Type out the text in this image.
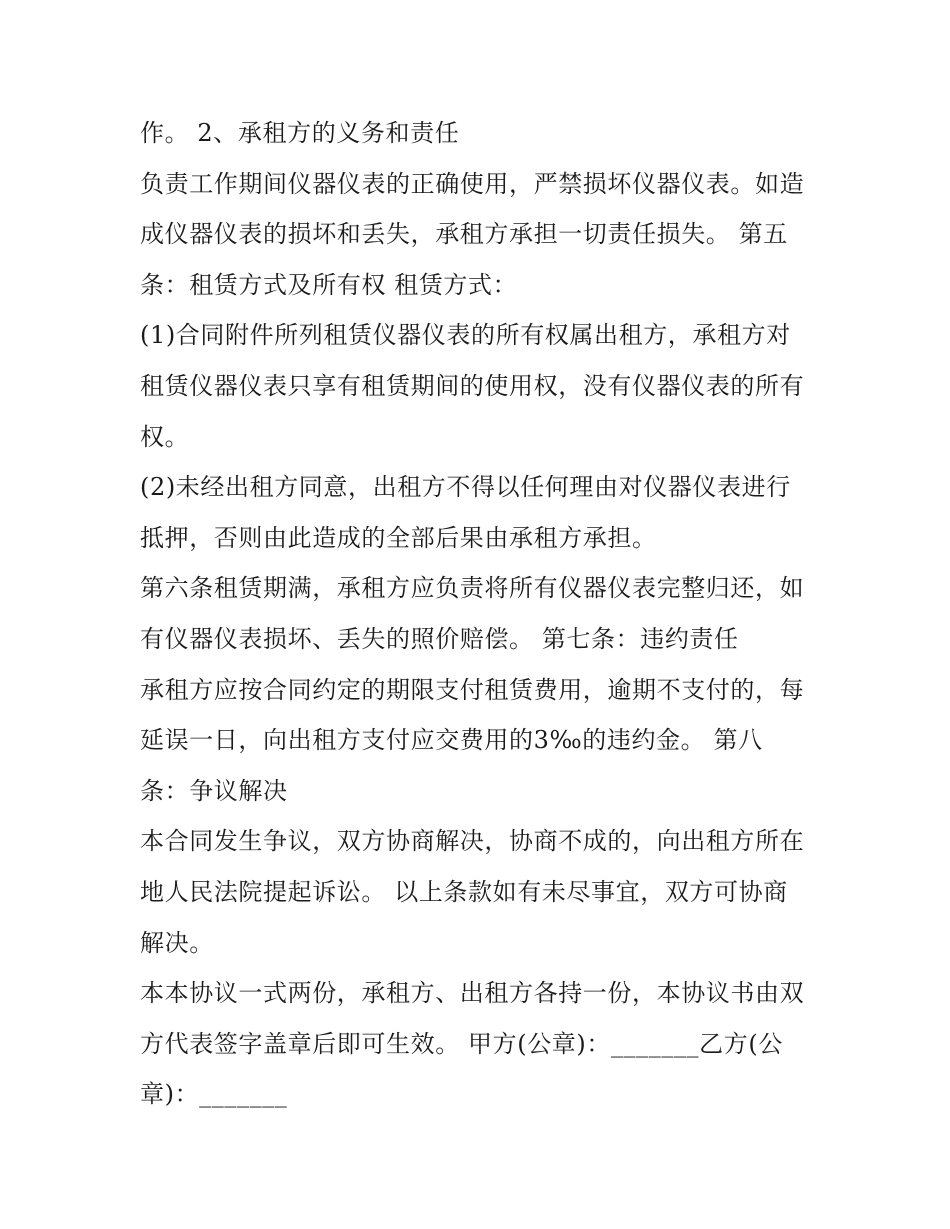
作。 2、承租方的义务和责任
负责工作期间仪器仪表的正确使用，严禁损坏仪器仪表。如造
成仪器仪表的损坏和丢失，承租方承担一切责任损失。 第五
条：租赁方式及所有权 租赁方式：
(1)合同附件所列租赁仪器仪表的所有权属出租方，承租方对
租赁仪器仪表只享有租赁期间的使用权，没有仪器仪表的所有
权。
(2)未经出租方同意，出租方不得以任何理由对仪器仪表进行
抵押，否则由此造成的全部后果由承租方承担。
第六条租赁期满，承租方应负责将所有仪器仪表完整归还，如
有仪器仪表损坏、丢失的照价赔偿。 第七条：违约责任
承租方应按合同约定的期限支付租赁费用，逾期不支付的，每
延误一日，向出租方支付应交费用的3‰的违约金。 第八
条：争议解决
本合同发生争议，双方协商解决，协商不成的，向出租方所在
地人民法院提起诉讼。 以上条款如有未尽事宜，双方可协商
解决。
本本协议一式两份，承租方、出租方各持一份，本协议书由双
方代表签字盖章后即可生效。 甲方(公章)：_______乙方(公
章)：_______
